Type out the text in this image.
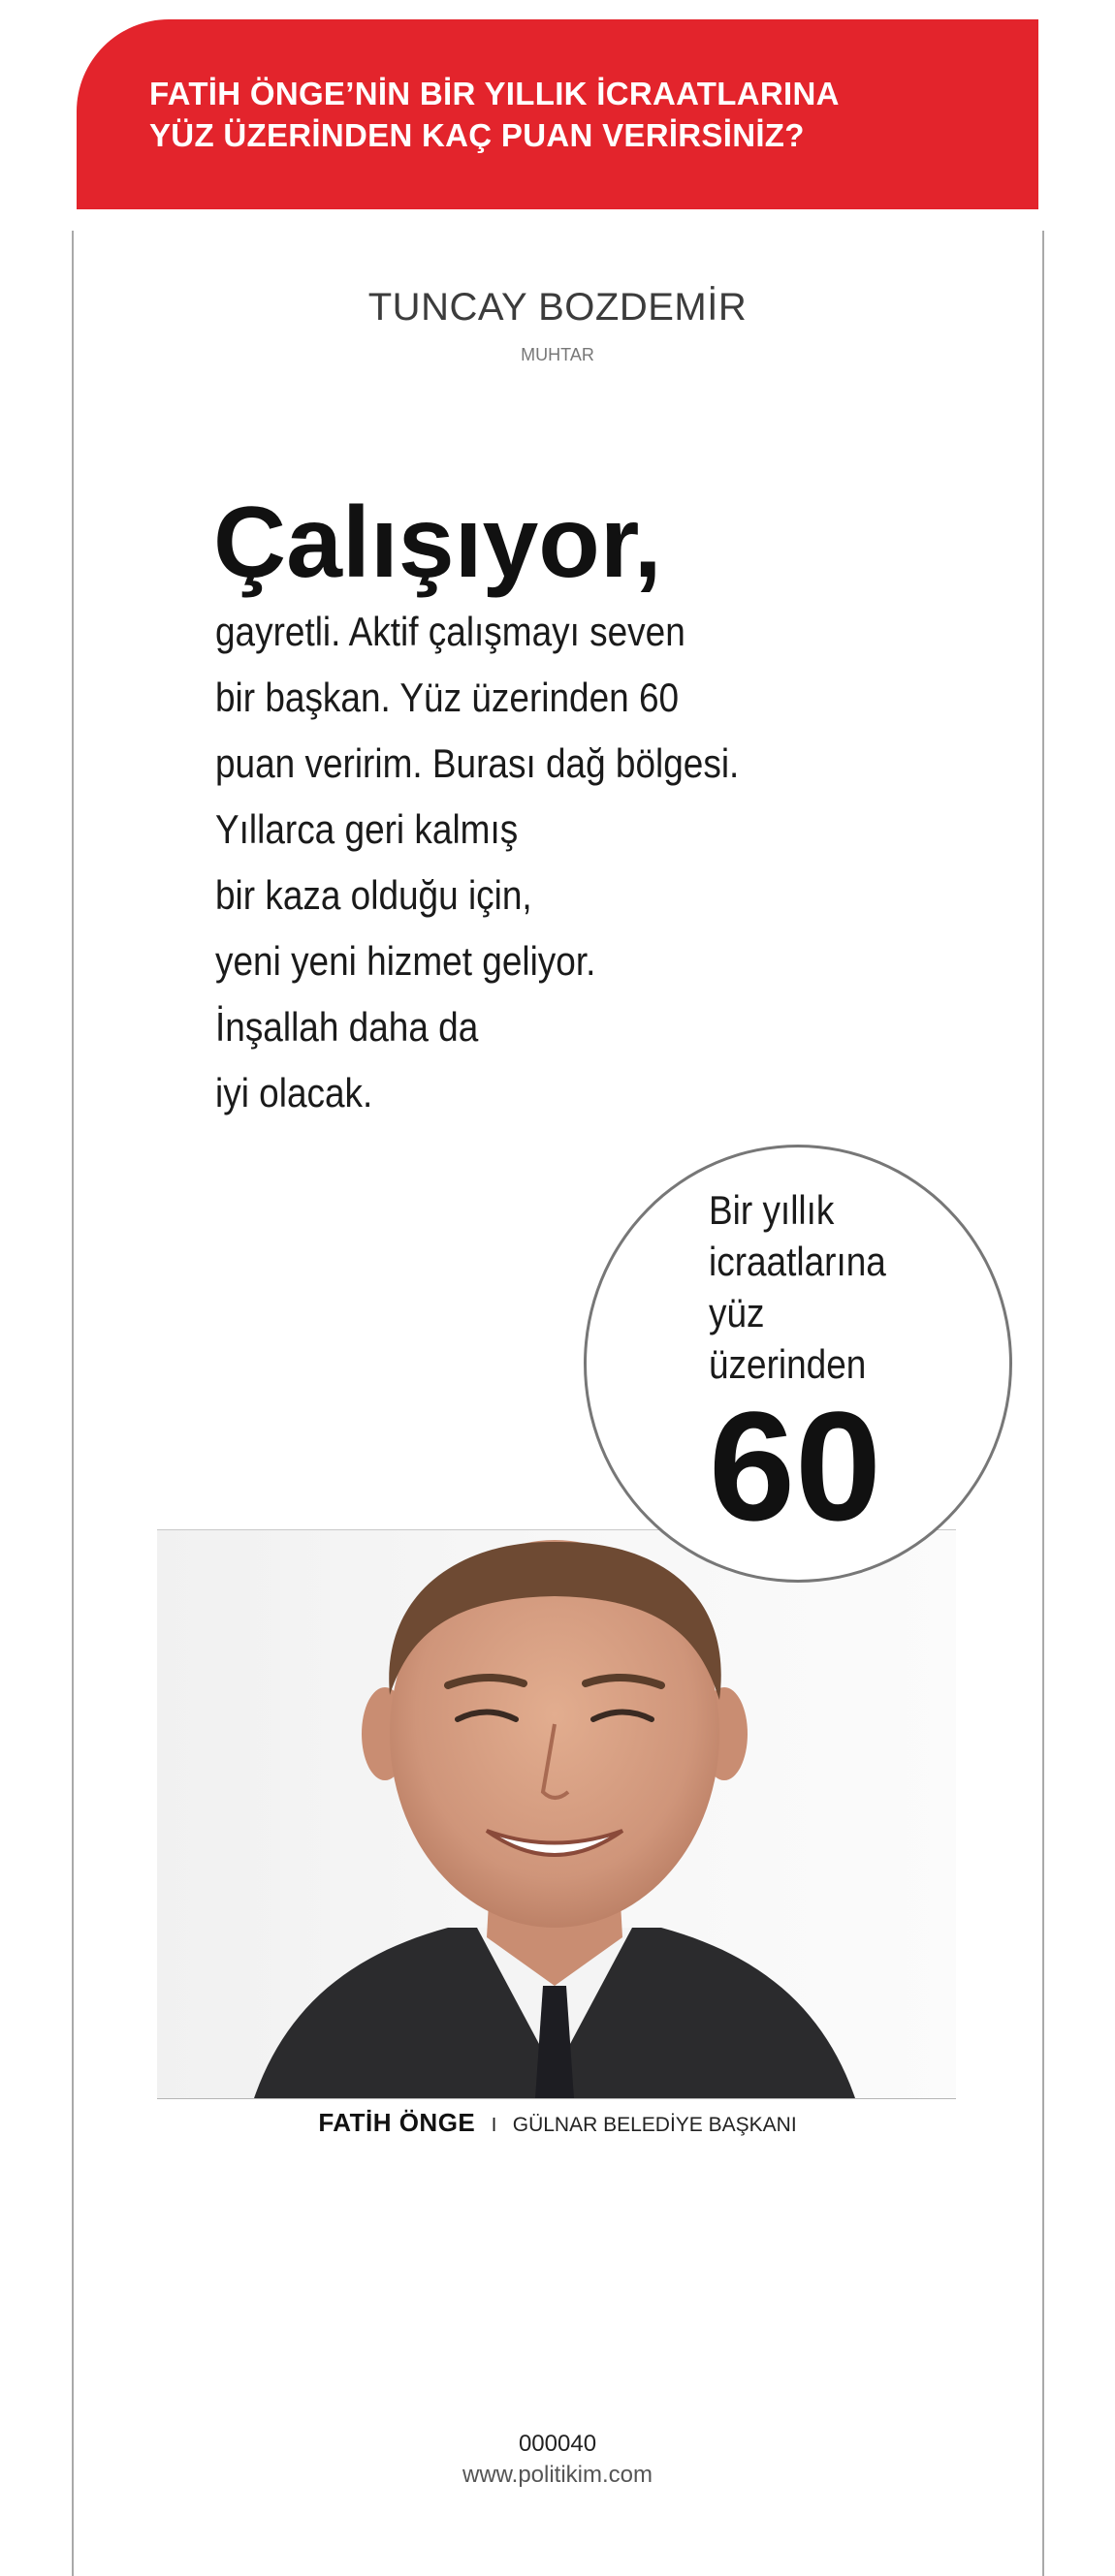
FATİH ÖNGE’NİN BİR YILLIK İCRAATLARINA
YÜZ ÜZERİNDEN KAÇ PUAN VERİRSİNİZ?
TUNCAY BOZDEMİR
MUHTAR
Çalışıyor,
gayretli. Aktif çalışmayı seven
bir başkan. Yüz üzerinden 60
puan veririm. Burası dağ bölgesi.
Yıllarca geri kalmış
bir kaza olduğu için,
yeni yeni hizmet geliyor.
İnşallah daha da
iyi olacak.
Bir yıllık
icraatlarına
yüz
üzerinden
60
FATİH ÖNGE I GÜLNAR BELEDİYE BAŞKANI
000040
www.politikim.com
